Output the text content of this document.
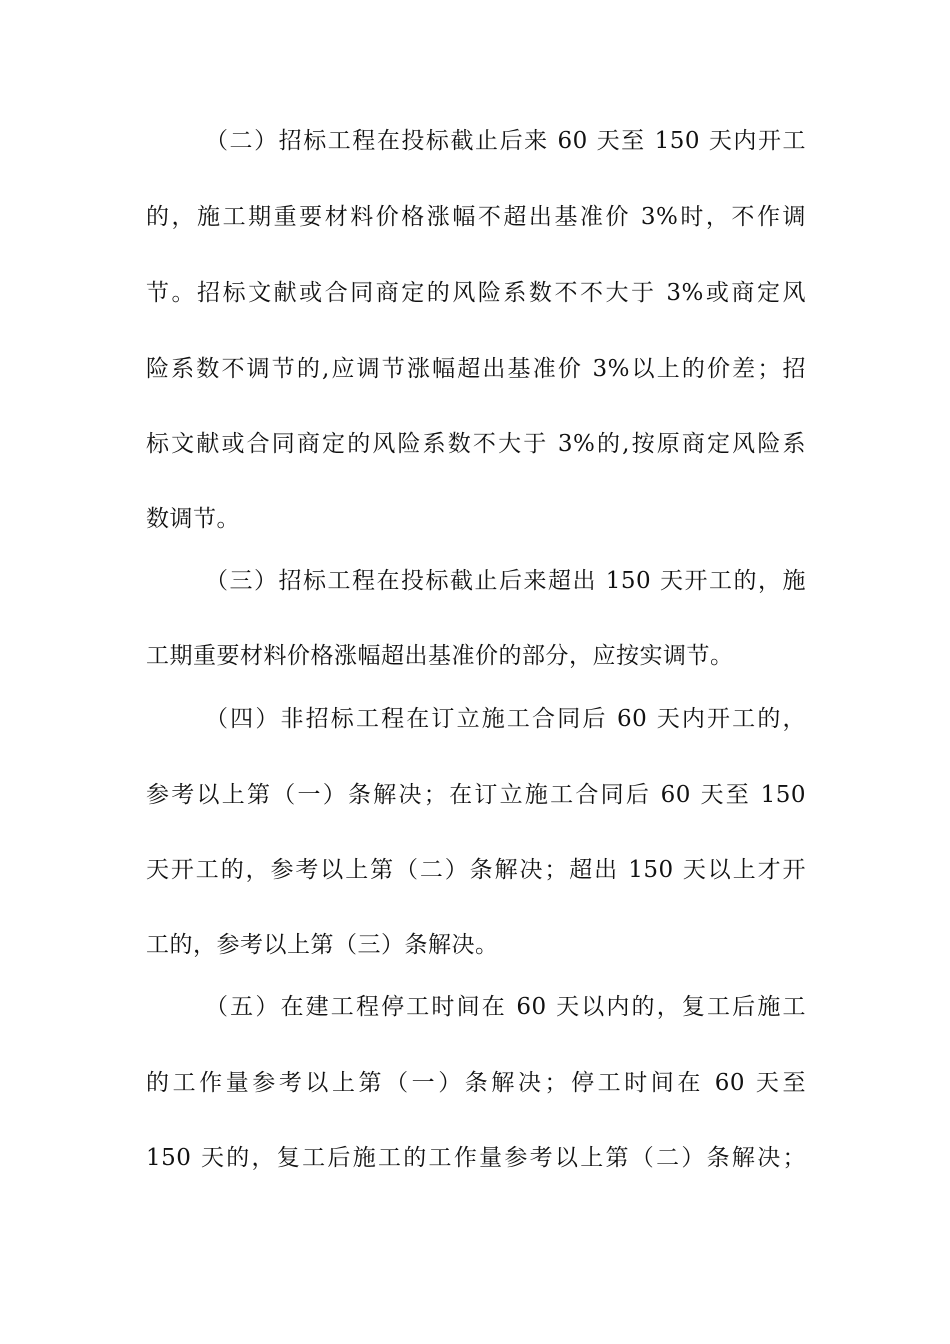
（二）招标工程在投标截止后来 60 天至 150 天内开工
的，施工期重要材料价格涨幅不超出基准价 3%时，不作调
节。招标文献或合同商定的风险系数不不大于 3%或商定风
险系数不调节的,应调节涨幅超出基准价 3%以上的价差；招
标文献或合同商定的风险系数不大于 3%的,按原商定风险系
数调节。
（三）招标工程在投标截止后来超出 150 天开工的，施
工期重要材料价格涨幅超出基准价的部分，应按实调节。
（四）非招标工程在订立施工合同后 60 天内开工的，
参考以上第（一）条解决；在订立施工合同后 60 天至 150
天开工的，参考以上第（二）条解决；超出 150 天以上才开
工的，参考以上第（三）条解决。
（五）在建工程停工时间在 60 天以内的，复工后施工
的工作量参考以上第（一）条解决；停工时间在 60 天至
150 天的，复工后施工的工作量参考以上第（二）条解决；
